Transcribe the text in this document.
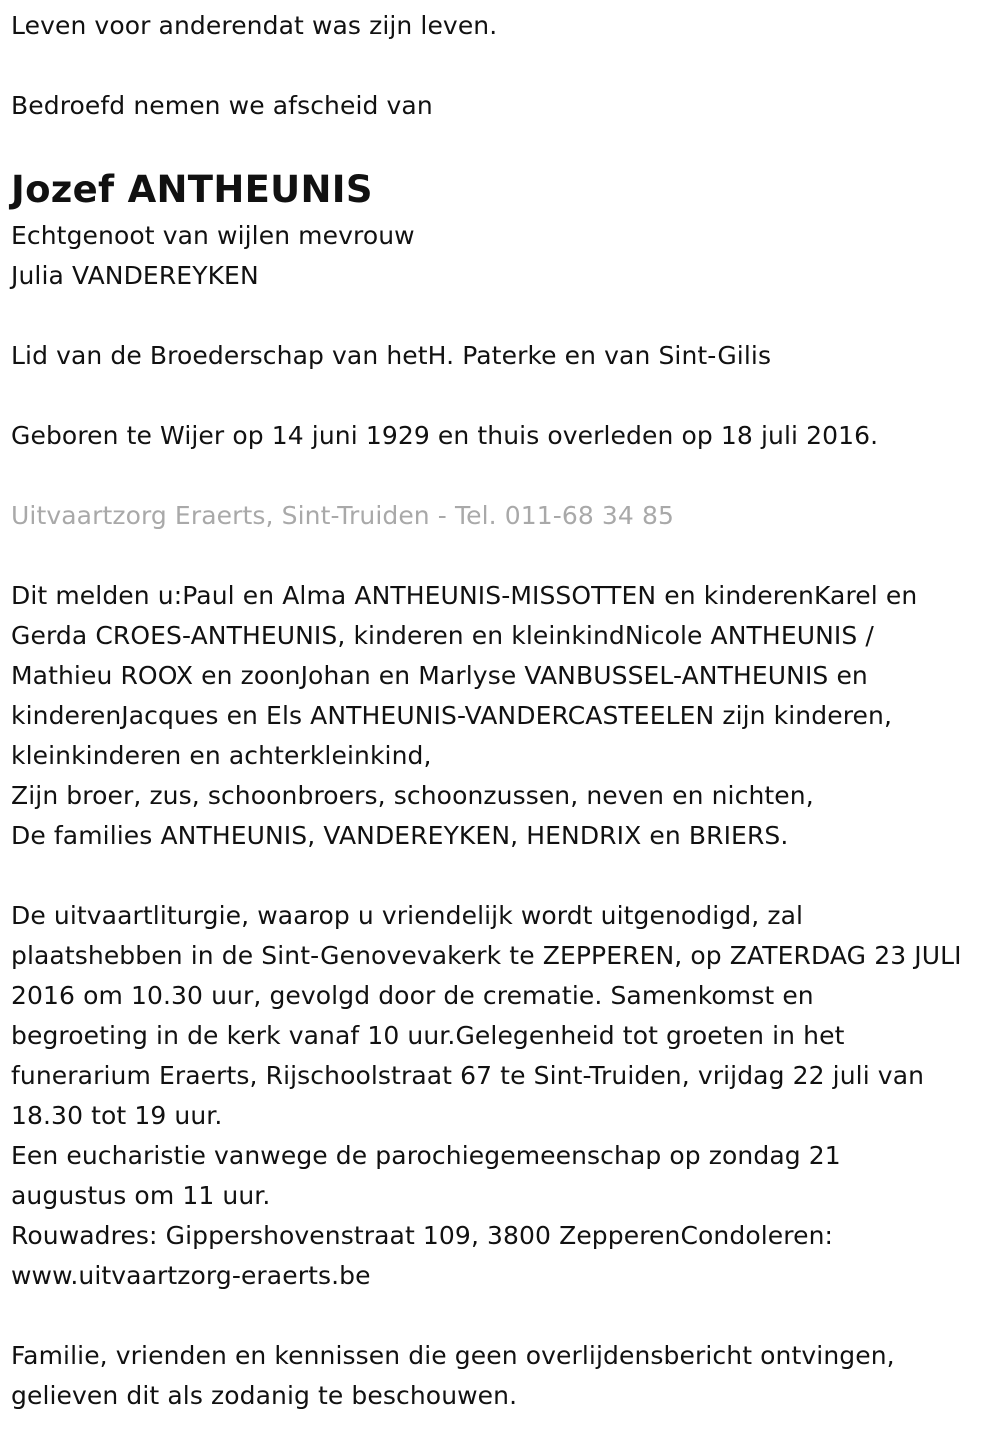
Leven voor anderendat was zijn leven.
Bedroefd nemen we afscheid van
Jozef ANTHEUNIS
Echtgenoot van wijlen mevrouw
Julia VANDEREYKEN
Lid van de Broederschap van hetH. Paterke en van Sint-Gilis
Geboren te Wijer op 14 juni 1929 en thuis overleden op 18 juli 2016.
Uitvaartzorg Eraerts, Sint-Truiden - Tel. 011-68 34 85
Dit melden u:Paul en Alma ANTHEUNIS-MISSOTTEN en kinderenKarel en
Gerda CROES-ANTHEUNIS, kinderen en kleinkindNicole ANTHEUNIS /
Mathieu ROOX en zoonJohan en Marlyse VANBUSSEL-ANTHEUNIS en
kinderenJacques en Els ANTHEUNIS-VANDERCASTEELEN zijn kinderen,
kleinkinderen en achterkleinkind,
Zijn broer, zus, schoonbroers, schoonzussen, neven en nichten,
De families ANTHEUNIS, VANDEREYKEN, HENDRIX en BRIERS.
De uitvaartliturgie, waarop u vriendelijk wordt uitgenodigd, zal
plaatshebben in de Sint-Genovevakerk te ZEPPEREN, op ZATERDAG 23 JULI
2016 om 10.30 uur, gevolgd door de crematie. Samenkomst en
begroeting in de kerk vanaf 10 uur.Gelegenheid tot groeten in het
funerarium Eraerts, Rijschoolstraat 67 te Sint-Truiden, vrijdag 22 juli van
18.30 tot 19 uur.
Een eucharistie vanwege de parochiegemeenschap op zondag 21
augustus om 11 uur.
Rouwadres: Gippershovenstraat 109, 3800 ZepperenCondoleren:
www.uitvaartzorg-eraerts.be
Familie, vrienden en kennissen die geen overlijdensbericht ontvingen,
gelieven dit als zodanig te beschouwen.
